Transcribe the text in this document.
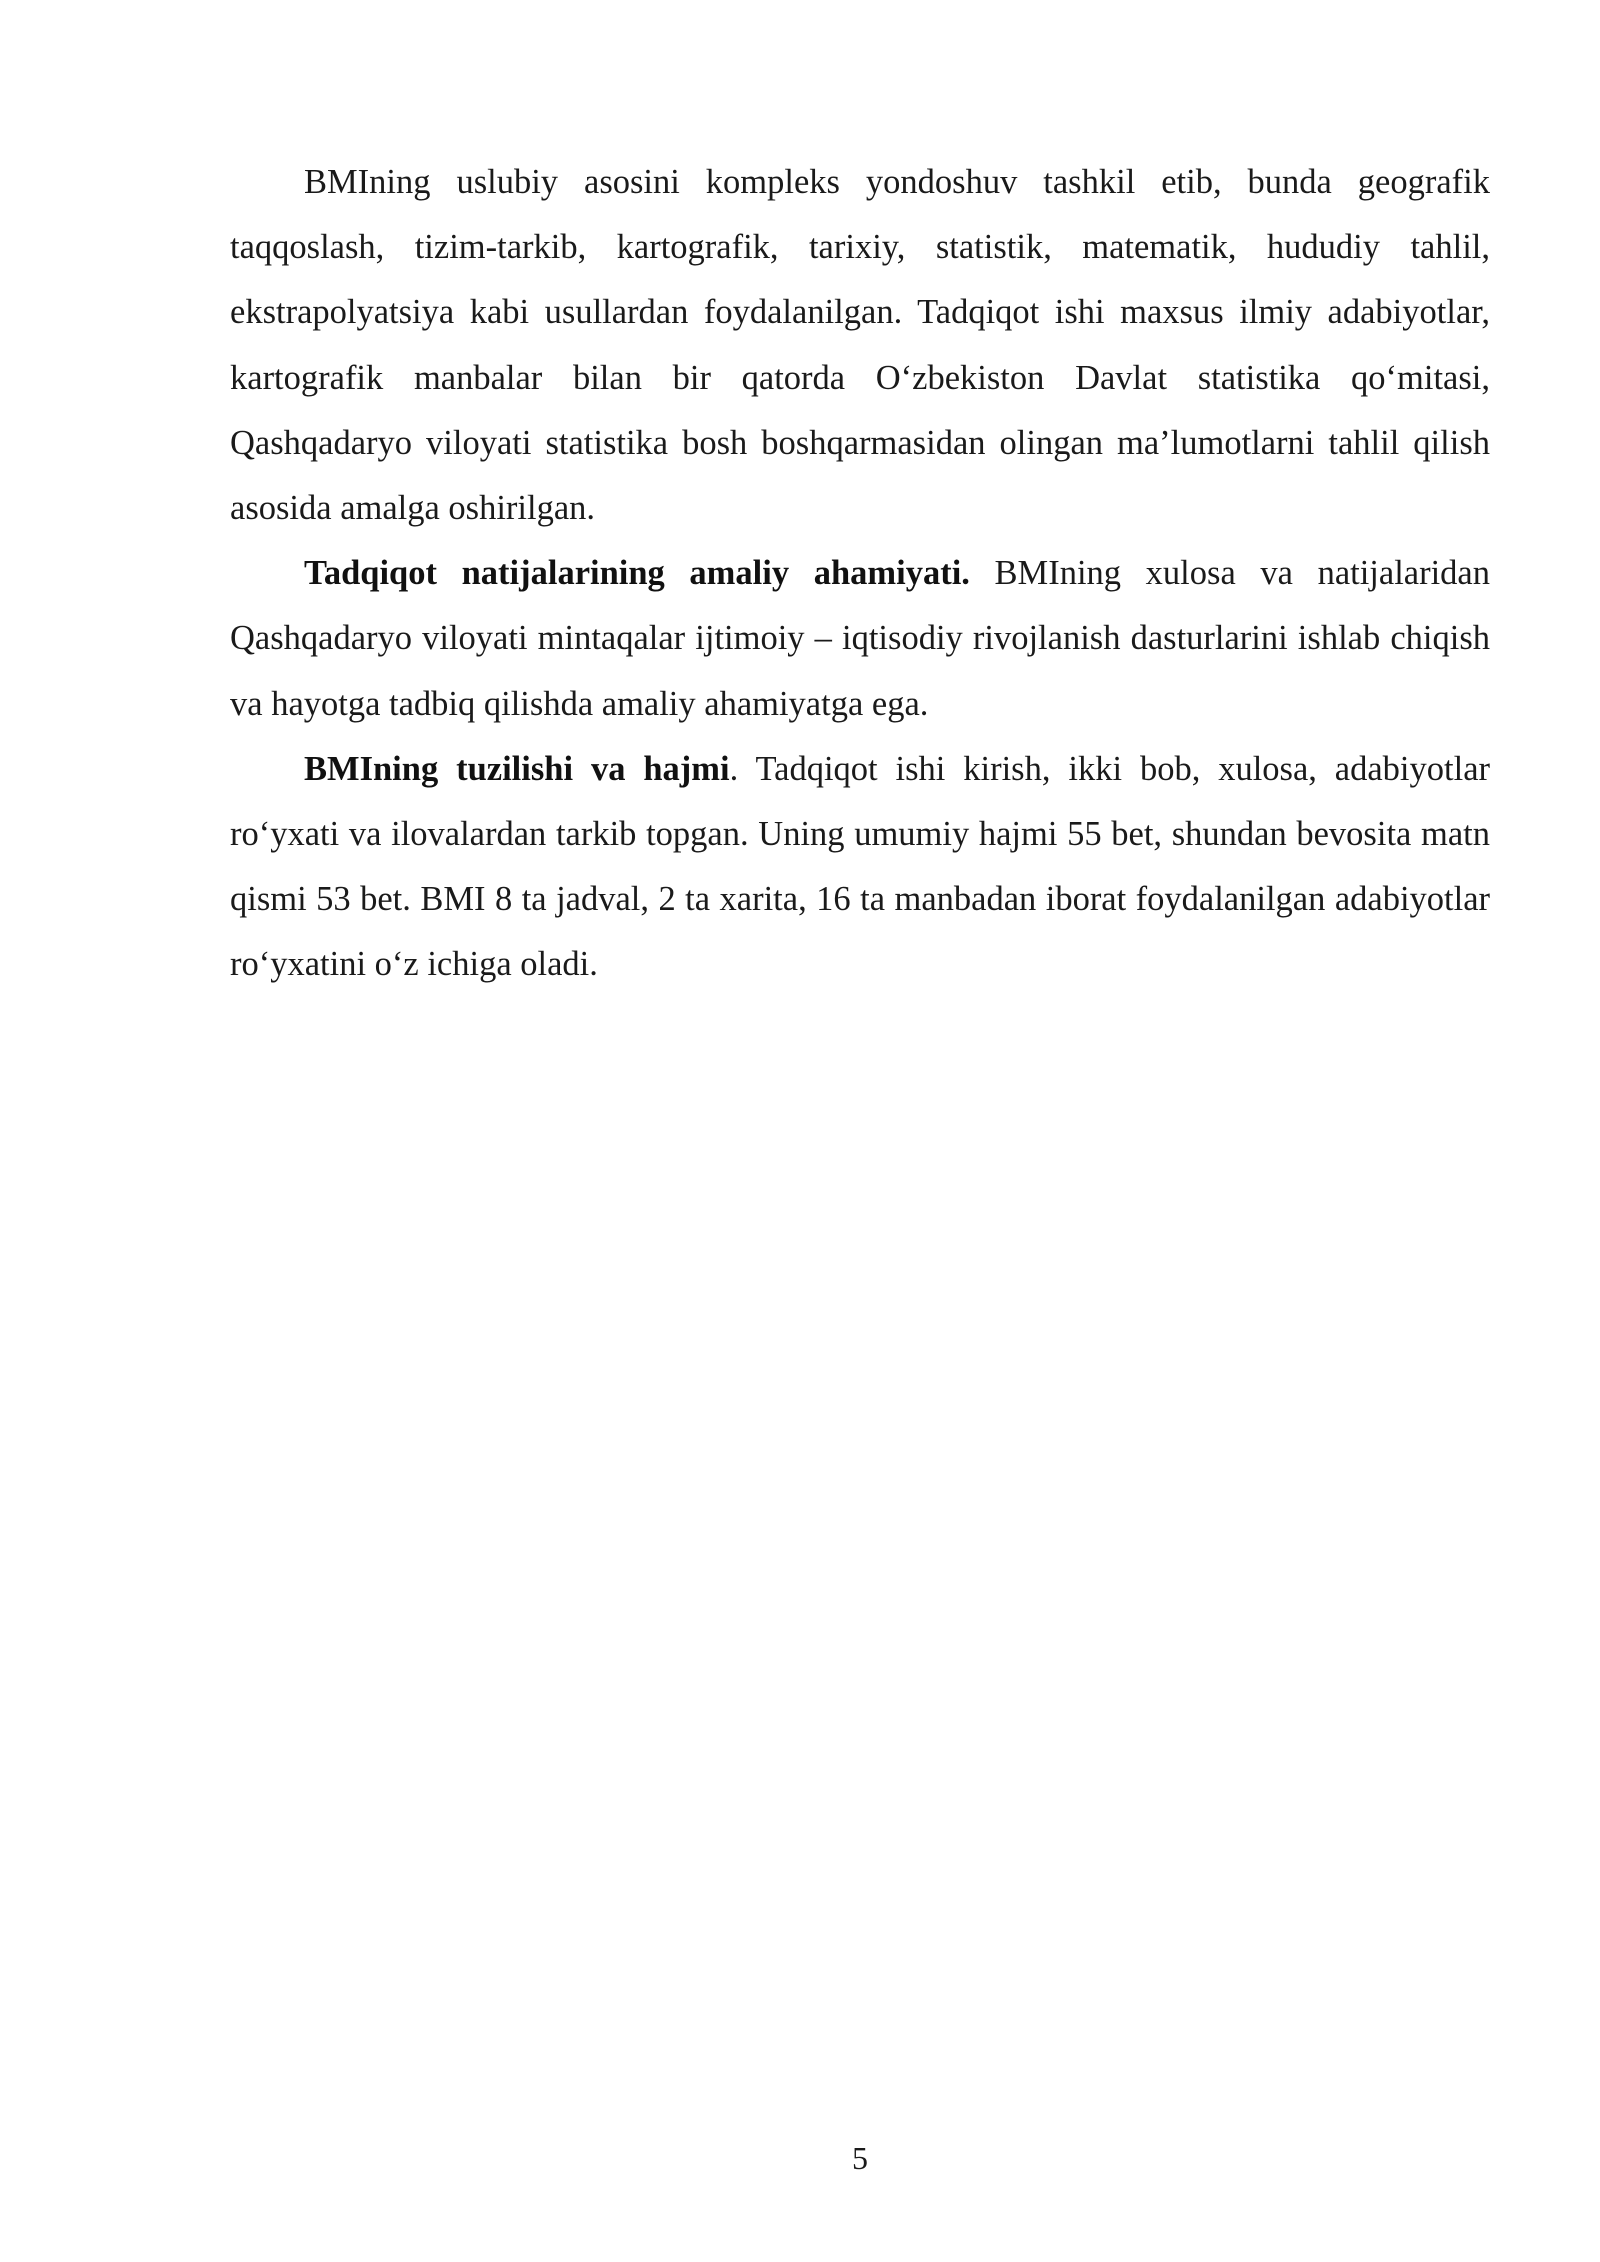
BMIning uslubiy asosini kompleks yondoshuv tashkil etib, bunda geografik taqqoslash, tizim-tarkib, kartografik, tarixiy, statistik, matematik, hududiy tahlil, ekstrapolyatsiya kabi usullardan foydalanilgan. Tadqiqot ishi maxsus ilmiy adabiyotlar, kartografik manbalar bilan bir qatorda O‘zbekiston Davlat statistika qo‘mitasi, Qashqadaryo viloyati statistika bosh boshqarmasidan olingan ma’lumotlarni tahlil qilish asosida amalga oshirilgan.

Tadqiqot natijalarining amaliy ahamiyati. BMIning xulosa va natijalaridan Qashqadaryo viloyati mintaqalar ijtimoiy – iqtisodiy rivojlanish dasturlarini ishlab chiqish va hayotga tadbiq qilishda amaliy ahamiyatga ega.

BMIning tuzilishi va hajmi. Tadqiqot ishi kirish, ikki bob, xulosa, adabiyotlar ro‘yxati va ilovalardan tarkib topgan. Uning umumiy hajmi 55 bet, shundan bevosita matn qismi 53 bet. BMI 8 ta jadval, 2 ta xarita, 16 ta manbadan iborat foydalanilgan adabiyotlar ro‘yxatini o‘z ichiga oladi.

5
